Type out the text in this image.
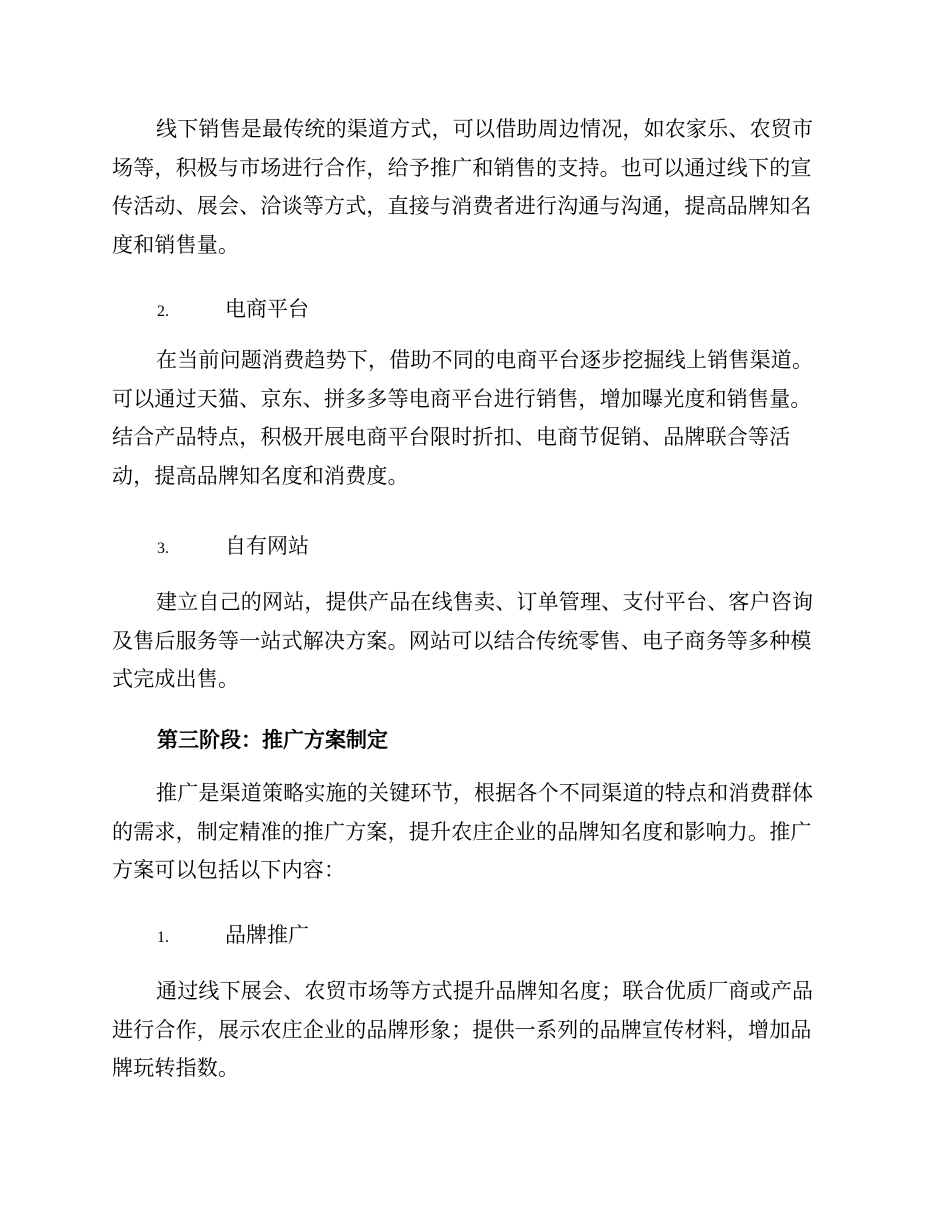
线下销售是最传统的渠道方式，可以借助周边情况，如农家乐、农贸市
场等，积极与市场进行合作，给予推广和销售的支持。也可以通过线下的宣
传活动、展会、洽谈等方式，直接与消费者进行沟通与沟通，提高品牌知名
度和销售量。

2.	电商平台

在当前问题消费趋势下，借助不同的电商平台逐步挖掘线上销售渠道。
可以通过天猫、京东、拼多多等电商平台进行销售，增加曝光度和销售量。
结合产品特点，积极开展电商平台限时折扣、电商节促销、品牌联合等活
动，提高品牌知名度和消费度。

3.	自有网站

建立自己的网站，提供产品在线售卖、订单管理、支付平台、客户咨询
及售后服务等一站式解决方案。网站可以结合传统零售、电子商务等多种模
式完成出售。

第三阶段：推广方案制定

推广是渠道策略实施的关键环节，根据各个不同渠道的特点和消费群体
的需求，制定精准的推广方案，提升农庄企业的品牌知名度和影响力。推广
方案可以包括以下内容：

1.	品牌推广

通过线下展会、农贸市场等方式提升品牌知名度；联合优质厂商或产品
进行合作，展示农庄企业的品牌形象；提供一系列的品牌宣传材料，增加品
牌玩转指数。
